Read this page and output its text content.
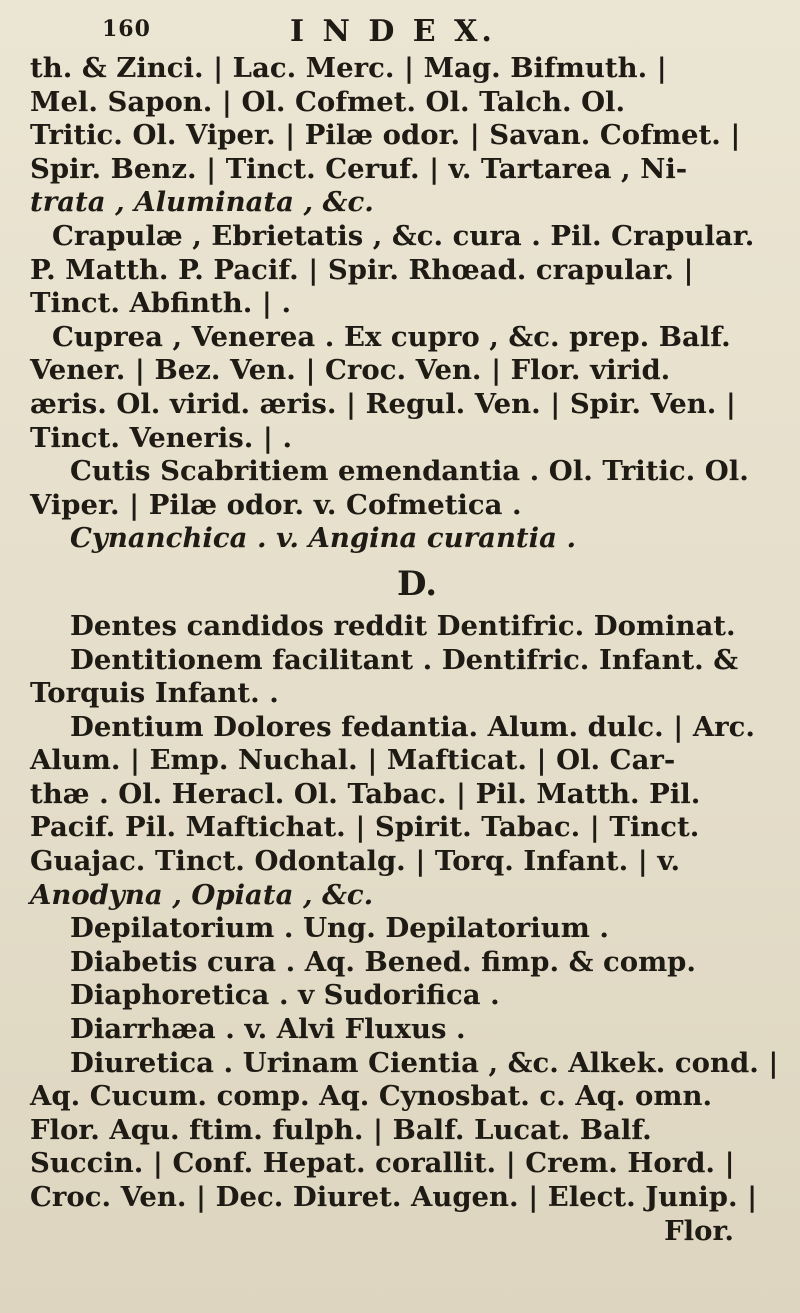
160	I N D E X.
th. & Zinci. | Lac. Merc. | Mag. Bifmuth. |
Mel. Sapon. | Ol. Cofmet. Ol. Talch. Ol.
Tritic. Ol. Viper. | Pilæ odor. | Savan. Cofmet. |
Spir. Benz. | Tinct. Ceruf. | v. Tartarea , Ni-
trata , Aluminata , &c.
Crapulæ , Ebrietatis , &c. cura . Pil. Crapular.
P. Matth. P. Pacif. | Spir. Rhœad. crapular. |
Tinct. Abfinth. | .
Cuprea , Venerea . Ex cupro , &c. prep. Balf.
Vener. | Bez. Ven. | Croc. Ven. | Flor. virid.
æris. Ol. virid. æris. | Regul. Ven. | Spir. Ven. |
Tinct. Veneris. | .
Cutis Scabritiem emendantia . Ol. Tritic. Ol.
Viper. | Pilæ odor. v. Cofmetica .
Cynanchica . v. Angina curantia .
D.
Dentes candidos reddit Dentifric. Dominat.
Dentitionem facilitant . Dentifric. Infant. &
Torquis Infant. .
Dentium Dolores fedantia. Alum. dulc. | Arc.
Alum. | Emp. Nuchal. | Mafticat. | Ol. Car-
thæ . Ol. Heracl. Ol. Tabac. | Pil. Matth. Pil.
Pacif. Pil. Maftichat. | Spirit. Tabac. | Tinct.
Guajac. Tinct. Odontalg. | Torq. Infant. | v.
Anodyna , Opiata , &c.
Depilatorium . Ung. Depilatorium .
Diabetis cura . Aq. Bened. fimp. & comp.
Diaphoretica . v Sudorifica .
Diarrhæa . v. Alvi Fluxus .
Diuretica . Urinam Cientia , &c. Alkek. cond. |
Aq. Cucum. comp. Aq. Cynosbat. c. Aq. omn.
Flor. Aqu. ftim. fulph. | Balf. Lucat. Balf.
Succin. | Conf. Hepat. corallit. | Crem. Hord. |
Croc. Ven. | Dec. Diuret. Augen. | Elect. Junip. |
Flor.
